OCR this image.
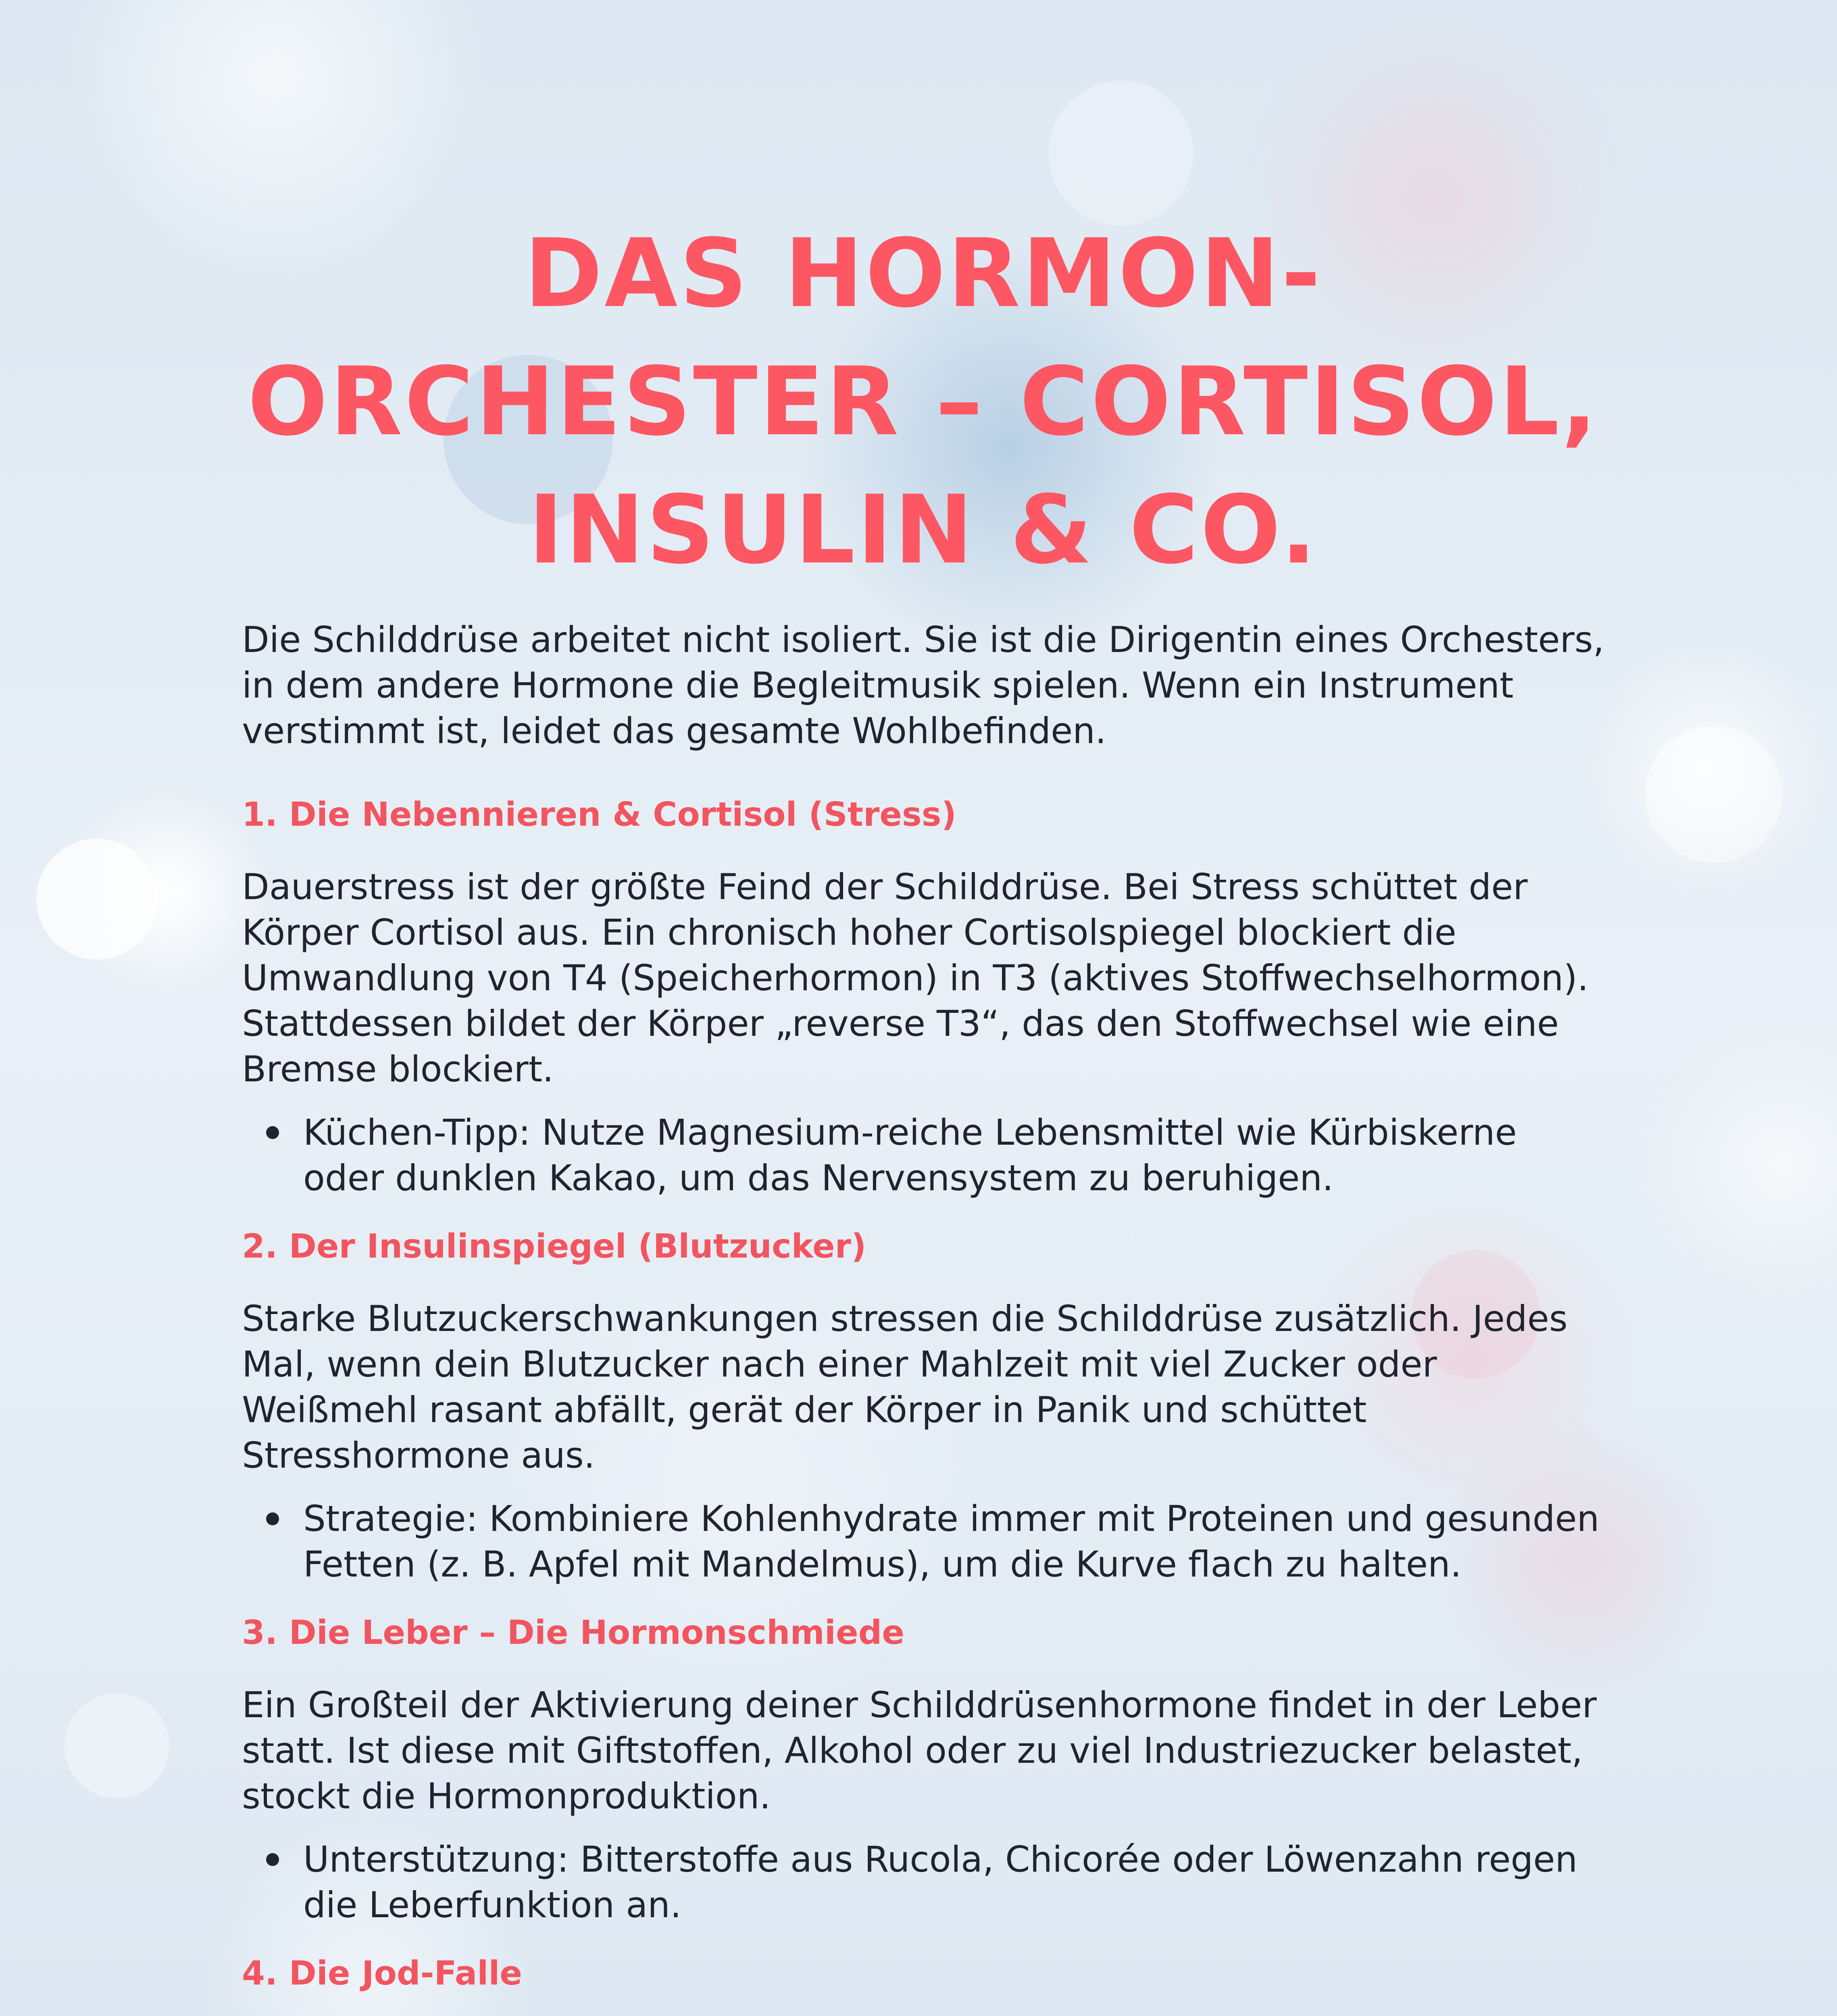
DAS HORMON-
ORCHESTER – CORTISOL,
INSULIN & CO.

Die Schilddrüse arbeitet nicht isoliert. Sie ist die Dirigentin eines Orchesters, in dem andere Hormone die Begleitmusik spielen. Wenn ein Instrument verstimmt ist, leidet das gesamte Wohlbefinden.

1. Die Nebennieren & Cortisol (Stress)

Dauerstress ist der größte Feind der Schilddrüse. Bei Stress schüttet der Körper Cortisol aus. Ein chronisch hoher Cortisolspiegel blockiert die Umwandlung von T4 (Speicherhormon) in T3 (aktives Stoffwechselhormon). Stattdessen bildet der Körper „reverse T3“, das den Stoffwechsel wie eine Bremse blockiert.

Küchen-Tipp: Nutze Magnesium-reiche Lebensmittel wie Kürbiskerne oder dunklen Kakao, um das Nervensystem zu beruhigen.

2. Der Insulinspiegel (Blutzucker)

Starke Blutzuckerschwankungen stressen die Schilddrüse zusätzlich. Jedes Mal, wenn dein Blutzucker nach einer Mahlzeit mit viel Zucker oder Weißmehl rasant abfällt, gerät der Körper in Panik und schüttet Stresshormone aus.

Strategie: Kombiniere Kohlenhydrate immer mit Proteinen und gesunden Fetten (z. B. Apfel mit Mandelmus), um die Kurve flach zu halten.

3. Die Leber – Die Hormonschmiede

Ein Großteil der Aktivierung deiner Schilddrüsenhormone findet in der Leber statt. Ist diese mit Giftstoffen, Alkohol oder zu viel Industriezucker belastet, stockt die Hormonproduktion.

Unterstützung: Bitterstoffe aus Rucola, Chicorée oder Löwenzahn regen die Leberfunktion an.

4. Die Jod-Falle
